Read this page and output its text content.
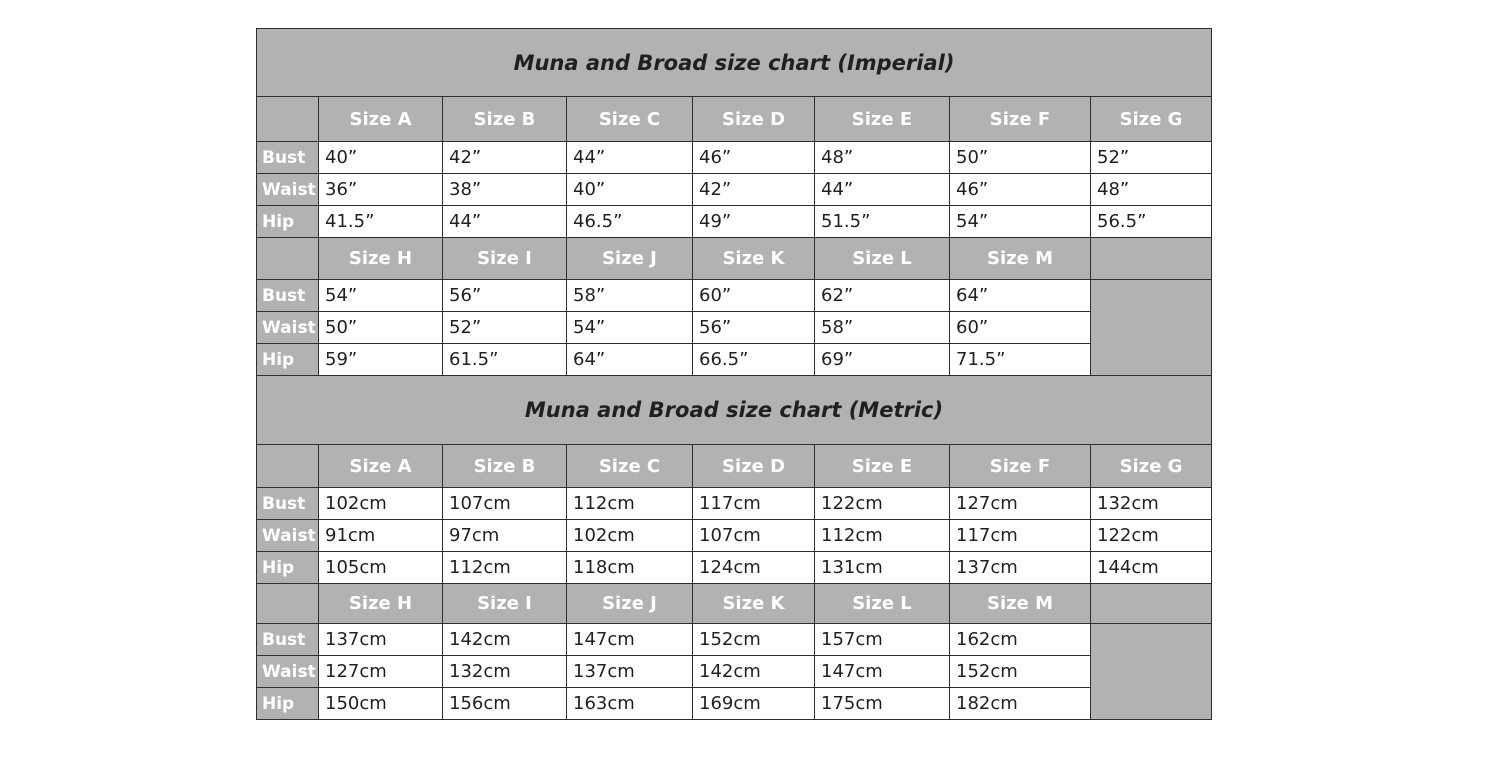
Muna and Broad size chart (Imperial)							
	Size A	Size B	Size C	Size D	Size E	Size F	Size G
Bust	40”	42”	44”	46”	48”	50”	52”
Waist	36”	38”	40”	42”	44”	46”	48”
Hip	41.5”	44”	46.5”	49”	51.5”	54”	56.5”
	Size H	Size I	Size J	Size K	Size L	Size M	
Bust	54”	56”	58”	60”	62”	64”	
Waist	50”	52”	54”	56”	58”	60”	
Hip	59”	61.5”	64”	66.5”	69”	71.5”	
Muna and Broad size chart (Metric)							
	Size A	Size B	Size C	Size D	Size E	Size F	Size G
Bust	102cm	107cm	112cm	117cm	122cm	127cm	132cm
Waist	91cm	97cm	102cm	107cm	112cm	117cm	122cm
Hip	105cm	112cm	118cm	124cm	131cm	137cm	144cm
	Size H	Size I	Size J	Size K	Size L	Size M	
Bust	137cm	142cm	147cm	152cm	157cm	162cm	
Waist	127cm	132cm	137cm	142cm	147cm	152cm	
Hip	150cm	156cm	163cm	169cm	175cm	182cm	
